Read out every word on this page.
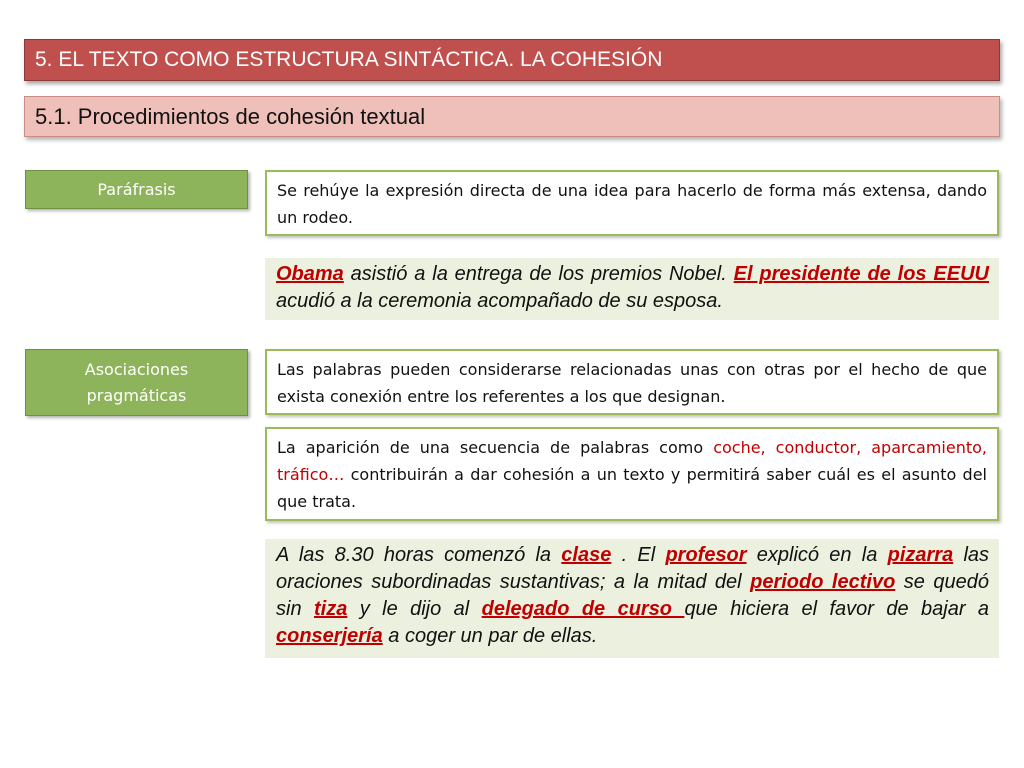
5. EL TEXTO COMO ESTRUCTURA SINTÁCTICA. LA COHESIÓN
5.1. Procedimientos de cohesión textual
Paráfrasis	Se rehúye la expresión directa de una idea para hacerlo de forma más extensa, dando un rodeo.
Obama asistió a la entrega de los premios Nobel. El presidente de los EEUU acudió a la ceremonia acompañado de su esposa.
Asociaciones
pragmáticas
Las palabras pueden considerarse relacionadas unas con otras por el hecho de que exista conexión entre los referentes a los que designan.
La aparición de una secuencia de palabras como coche, conductor, aparcamiento, tráfico… contribuirán a dar cohesión a un texto y permitirá saber cuál es el asunto del que trata.
A las 8.30 horas comenzó la clase . El profesor explicó en la pizarra las oraciones subordinadas sustantivas; a la mitad del periodo lectivo se quedó sin tiza y le dijo al delegado de curso que hiciera el favor de bajar a conserjería a coger un par de ellas.
